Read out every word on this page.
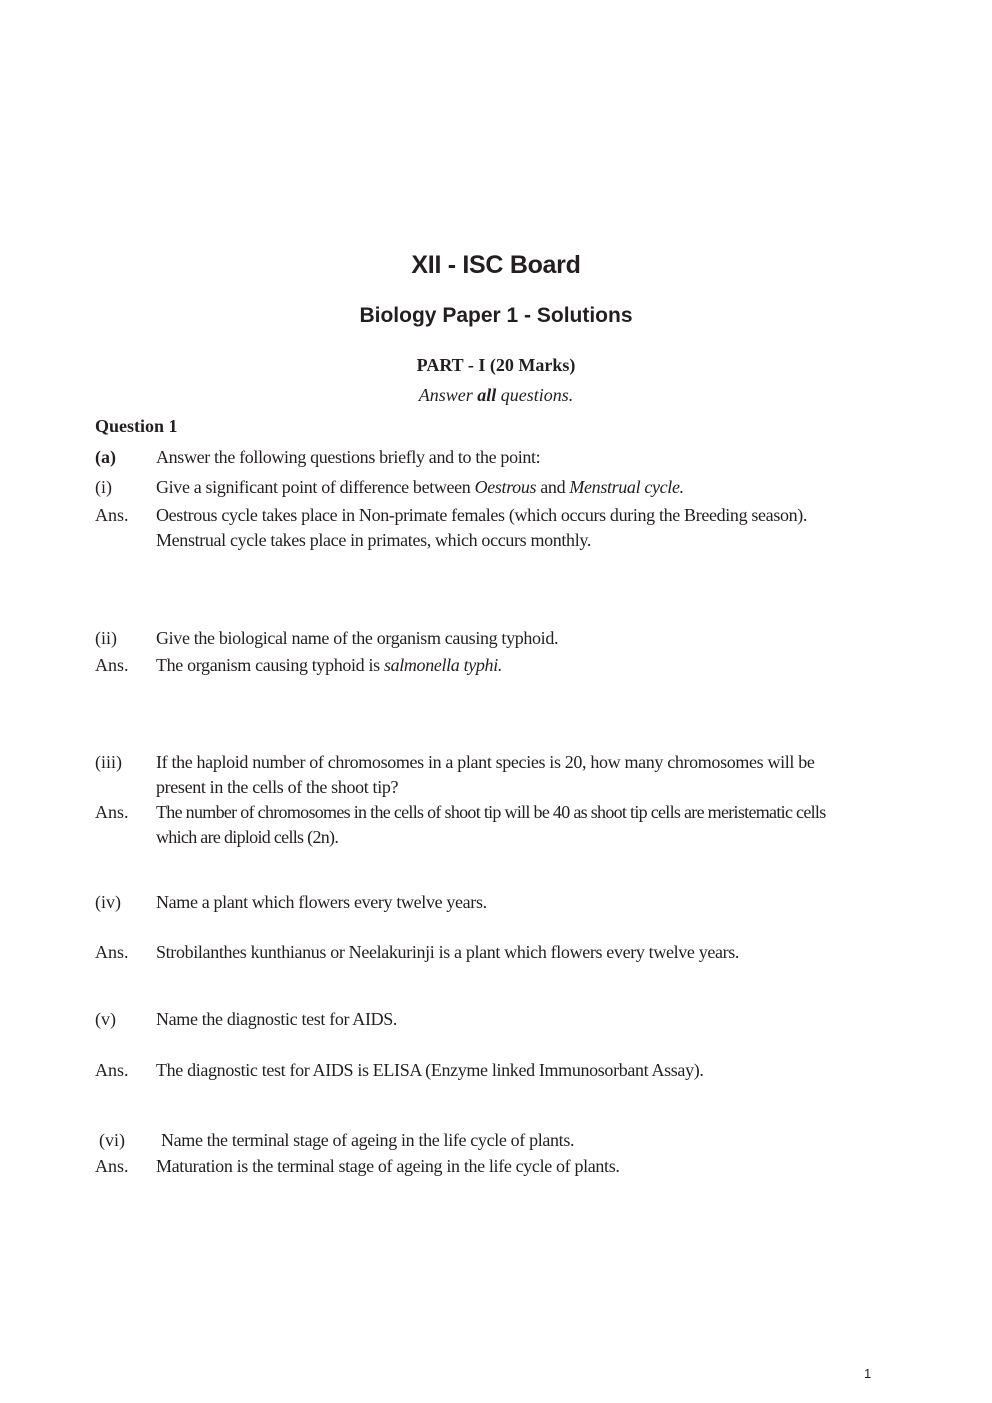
XII - ISC Board
Biology Paper 1 - Solutions
PART - I (20 Marks)
Answer all questions.
Question 1
(a) Answer the following questions briefly and to the point:
(i) Give a significant point of difference between Oestrous and Menstrual cycle.
Ans. Oestrous cycle takes place in Non-primate females (which occurs during the Breeding season).
Menstrual cycle takes place in primates, which occurs monthly.
(ii) Give the biological name of the organism causing typhoid.
Ans. The organism causing typhoid is salmonella typhi.
(iii) If the haploid number of chromosomes in a plant species is 20, how many chromosomes will be
present in the cells of the shoot tip?
Ans. The number of chromosomes in the cells of shoot tip will be 40 as shoot tip cells are meristematic cells
which are diploid cells (2n).
(iv) Name a plant which flowers every twelve years.
Ans. Strobilanthes kunthianus or Neelakurinji is a plant which flowers every twelve years.
(v) Name the diagnostic test for AIDS.
Ans. The diagnostic test for AIDS is ELISA (Enzyme linked Immunosorbant Assay).
(vi) Name the terminal stage of ageing in the life cycle of plants.
Ans. Maturation is the terminal stage of ageing in the life cycle of plants.
1
